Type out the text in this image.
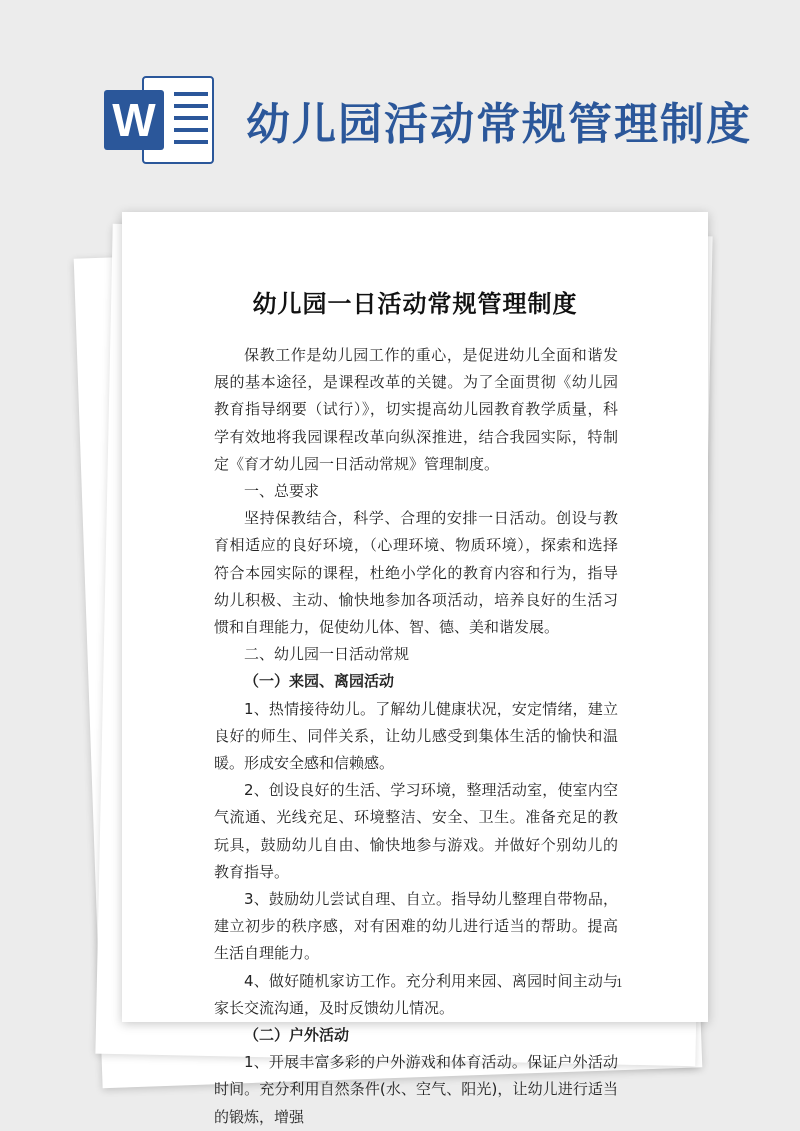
W 幼儿园活动常规管理制度
幼儿园一日活动常规管理制度

保教工作是幼儿园工作的重心，是促进幼儿全面和谐发展的基本途径，是课程改革的关键。为了全面贯彻《幼儿园教育指导纲要（试行）》，切实提高幼儿园教育教学质量，科学有效地将我园课程改革向纵深推进，结合我园实际，特制定《育才幼儿园一日活动常规》管理制度。

一、总要求

坚持保教结合，科学、合理的安排一日活动。创设与教育相适应的良好环境，（心理环境、物质环境），探索和选择符合本园实际的课程，杜绝小学化的教育内容和行为，指导幼儿积极、主动、愉快地参加各项活动，培养良好的生活习惯和自理能力，促使幼儿体、智、德、美和谐发展。

二、幼儿园一日活动常规

（一）来园、离园活动

1、热情接待幼儿。了解幼儿健康状况，安定情绪，建立良好的师生、同伴关系，让幼儿感受到集体生活的愉快和温暖。形成安全感和信赖感。

2、创设良好的生活、学习环境，整理活动室，使室内空气流通、光线充足、环境整洁、安全、卫生。准备充足的教玩具，鼓励幼儿自由、愉快地参与游戏。并做好个别幼儿的教育指导。

3、鼓励幼儿尝试自理、自立。指导幼儿整理自带物品，建立初步的秩序感，对有困难的幼儿进行适当的帮助。提高生活自理能力。

4、做好随机家访工作。充分利用来园、离园时间主动与家长交流沟通，及时反馈幼儿情况。

（二）户外活动

1、开展丰富多彩的户外游戏和体育活动。保证户外活动时间。充分利用自然条件(水、空气、阳光)，让幼儿进行适当的锻炼，增强

1
